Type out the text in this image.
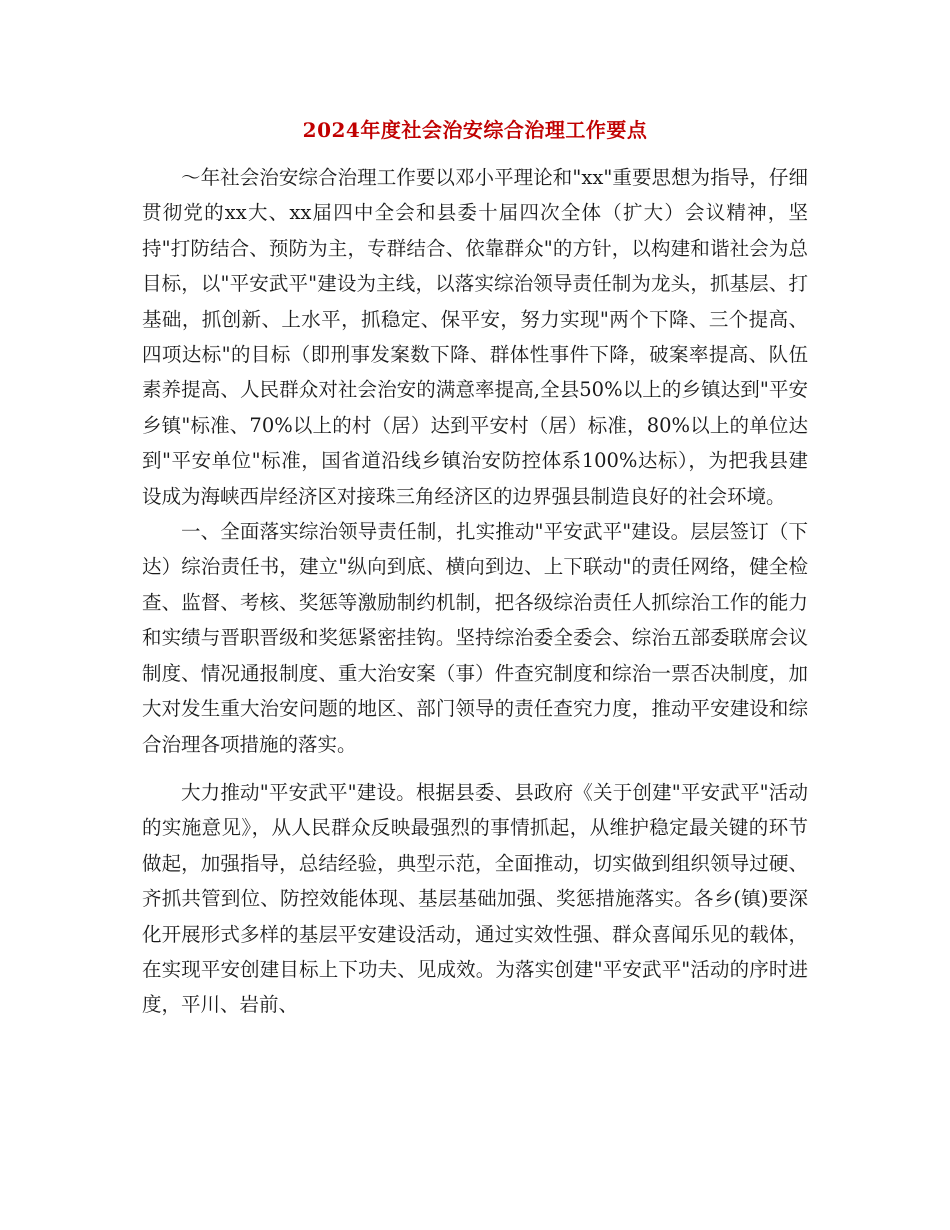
2024年度社会治安综合治理工作要点

～年社会治安综合治理工作要以邓小平理论和"xx"重要思想为指导，仔细贯彻党的xx大、xx届四中全会和县委十届四次全体（扩大）会议精神，坚持"打防结合、预防为主，专群结合、依靠群众"的方针，以构建和谐社会为总目标，以"平安武平"建设为主线，以落实综治领导责任制为龙头，抓基层、打基础，抓创新、上水平，抓稳定、保平安，努力实现"两个下降、三个提高、四项达标"的目标（即刑事发案数下降、群体性事件下降，破案率提高、队伍素养提高、人民群众对社会治安的满意率提高,全县50%以上的乡镇达到"平安乡镇"标准、70%以上的村（居）达到平安村（居）标准，80%以上的单位达到"平安单位"标准，国省道沿线乡镇治安防控体系100%达标），为把我县建设成为海峡西岸经济区对接珠三角经济区的边界强县制造良好的社会环境。

一、全面落实综治领导责任制，扎实推动"平安武平"建设。层层签订（下达）综治责任书，建立"纵向到底、横向到边、上下联动"的责任网络，健全检查、监督、考核、奖惩等激励制约机制，把各级综治责任人抓综治工作的能力和实绩与晋职晋级和奖惩紧密挂钩。坚持综治委全委会、综治五部委联席会议制度、情况通报制度、重大治安案（事）件查究制度和综治一票否决制度，加大对发生重大治安问题的地区、部门领导的责任查究力度，推动平安建设和综合治理各项措施的落实。

大力推动"平安武平"建设。根据县委、县政府《关于创建"平安武平"活动的实施意见》，从人民群众反映最强烈的事情抓起，从维护稳定最关键的环节做起，加强指导，总结经验，典型示范，全面推动，切实做到组织领导过硬、齐抓共管到位、防控效能体现、基层基础加强、奖惩措施落实。各乡(镇)要深化开展形式多样的基层平安建设活动，通过实效性强、群众喜闻乐见的载体，在实现平安创建目标上下功夫、见成效。为落实创建"平安武平"活动的序时进度，平川、岩前、
